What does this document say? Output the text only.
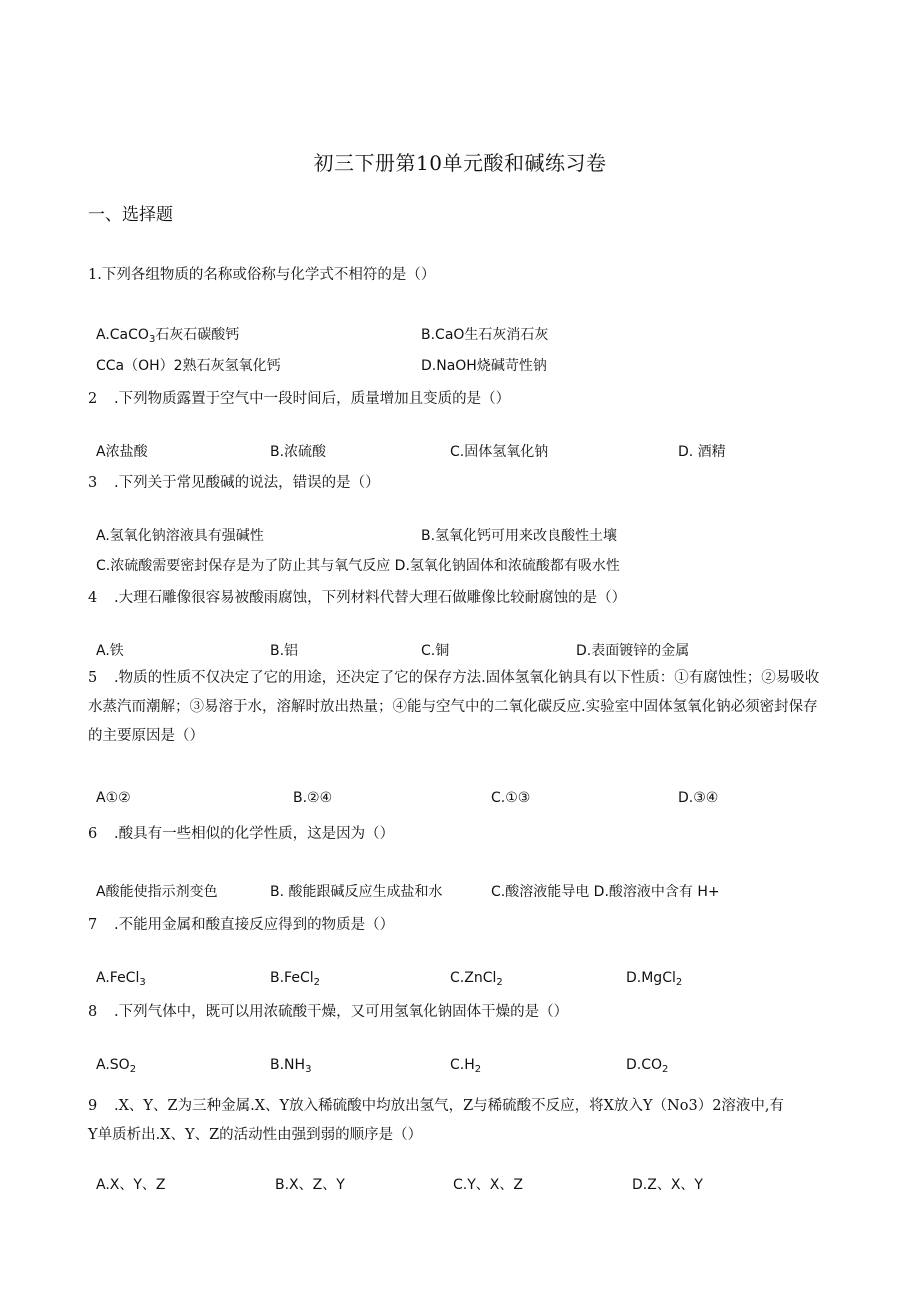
初三下册第10单元酸和碱练习卷
一、选择题
1.下列各组物质的名称或俗称与化学式不相符的是（）
A.CaCO$_3$石灰石碳酸钙	B.CaO生石灰消石灰
CCa（OH）2熟石灰氢氧化钙	D.NaOH烧碱苛性钠
2 .下列物质露置于空气中一段时间后，质量增加且变质的是（）
A浓盐酸	B.浓硫酸	C.固体氢氧化钠	D. 酒精
3 .下列关于常见酸碱的说法，错误的是（）
A.氢氧化钠溶液具有强碱性	B.氢氧化钙可用来改良酸性土壤
C.浓硫酸需要密封保存是为了防止其与氧气反应 D.氢氧化钠固体和浓硫酸都有吸水性
4 .大理石雕像很容易被酸雨腐蚀，下列材料代替大理石做雕像比较耐腐蚀的是（）
A.铁	B.铝	C.铜	D.表面镀锌的金属
5 .物质的性质不仅决定了它的用途，还决定了它的保存方法.固体氢氧化钠具有以下性质：①有腐蚀性；②易吸收水蒸汽而潮解；③易溶于水，溶解时放出热量；④能与空气中的二氧化碳反应.实验室中固体氢氧化钠必须密封保存的主要原因是（）
A①②	B.②④	C.①③	D.③④
6 .酸具有一些相似的化学性质，这是因为（）
A酸能使指示剂变色	B. 酸能跟碱反应生成盐和水	C.酸溶液能导电 D.酸溶液中含有 H+
7 .不能用金属和酸直接反应得到的物质是（）
A.FeCl$_3$	B.FeCl$_2$	C.ZnCl$_2$	D.MgCl$_2$
8 .下列气体中，既可以用浓硫酸干燥，又可用氢氧化钠固体干燥的是（）
$A.SO_2$	$B.NH_3$	$C.H_2$	$D.CO_2$
9 .X、Y、Z为三种金属.X、Y放入稀硫酸中均放出氢气，Z与稀硫酸不反应，将X放入Y（No3）2溶液中,有
Y单质析出.X、Y、Z的活动性由强到弱的顺序是（）
A.X、Y、Z	B.X、Z、Y	C.Y、X、Z	D.Z、X、Y
